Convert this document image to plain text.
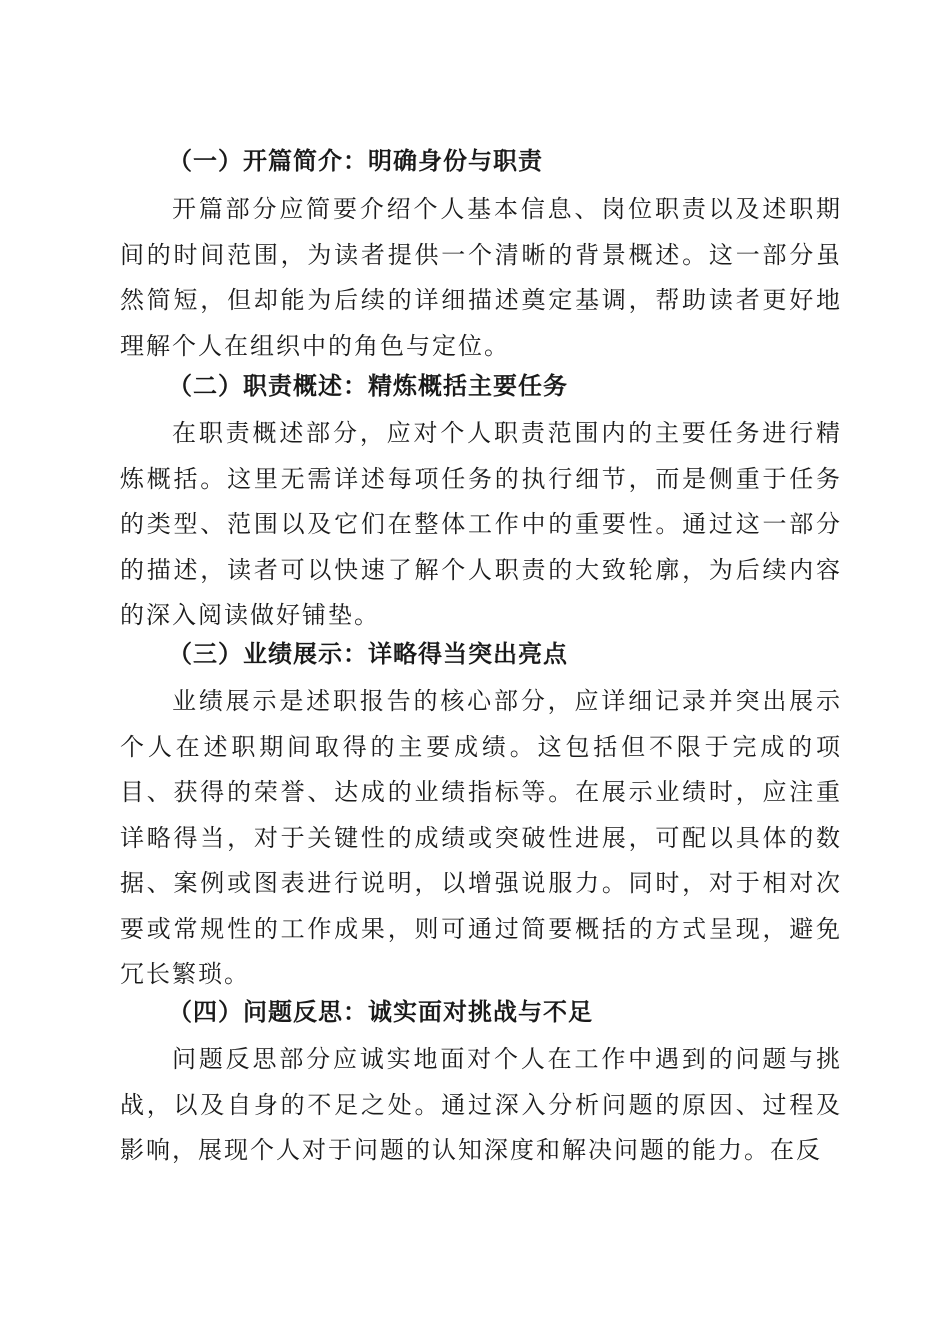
（一）开篇简介：明确身份与职责
开篇部分应简要介绍个人基本信息、岗位职责以及述职期间的时间范围，为读者提供一个清晰的背景概述。这一部分虽然简短，但却能为后续的详细描述奠定基调，帮助读者更好地理解个人在组织中的角色与定位。
（二）职责概述：精炼概括主要任务
在职责概述部分，应对个人职责范围内的主要任务进行精炼概括。这里无需详述每项任务的执行细节，而是侧重于任务的类型、范围以及它们在整体工作中的重要性。通过这一部分的描述，读者可以快速了解个人职责的大致轮廓，为后续内容的深入阅读做好铺垫。
（三）业绩展示：详略得当突出亮点
业绩展示是述职报告的核心部分，应详细记录并突出展示个人在述职期间取得的主要成绩。这包括但不限于完成的项目、获得的荣誉、达成的业绩指标等。在展示业绩时，应注重详略得当，对于关键性的成绩或突破性进展，可配以具体的数据、案例或图表进行说明，以增强说服力。同时，对于相对次要或常规性的工作成果，则可通过简要概括的方式呈现，避免冗长繁琐。
（四）问题反思：诚实面对挑战与不足
问题反思部分应诚实地面对个人在工作中遇到的问题与挑战，以及自身的不足之处。通过深入分析问题的原因、过程及影响，展现个人对于问题的认知深度和解决问题的能力。在反
